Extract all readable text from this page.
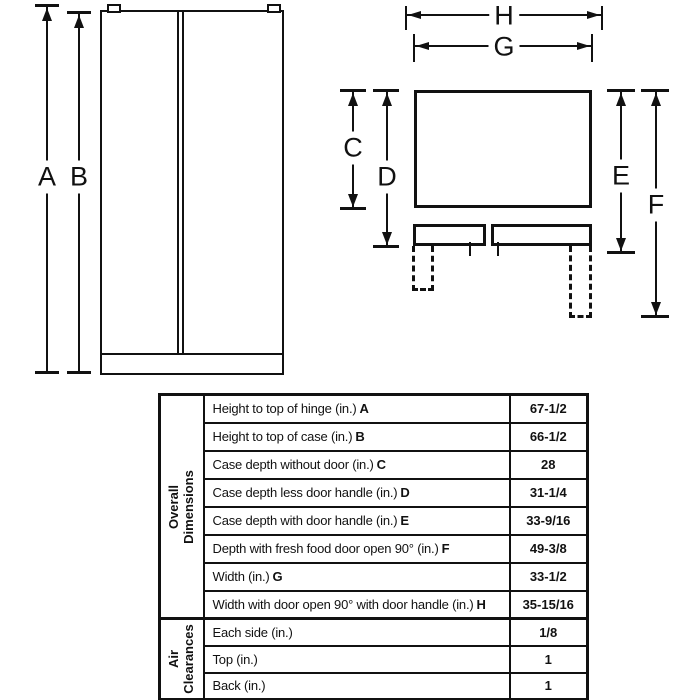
A B
H
G
C
D	E
F
Overall Dimensions	Height to top of hinge (in.) A	67-1/2
	Height to top of case (in.) B	66-1/2
	Case depth without door (in.) C	28
	Case depth less door handle (in.) D	31-1/4
	Case depth with door handle (in.) E	33-9/16
	Depth with fresh food door open 90° (in.) F	49-3/8
	Width (in.) G	33-1/2
	Width with door open 90° with door handle (in.) H	35-15/16

Air Clearances	Each side (in.)	1/8
	Top (in.)	1
	Back (in.)	1
